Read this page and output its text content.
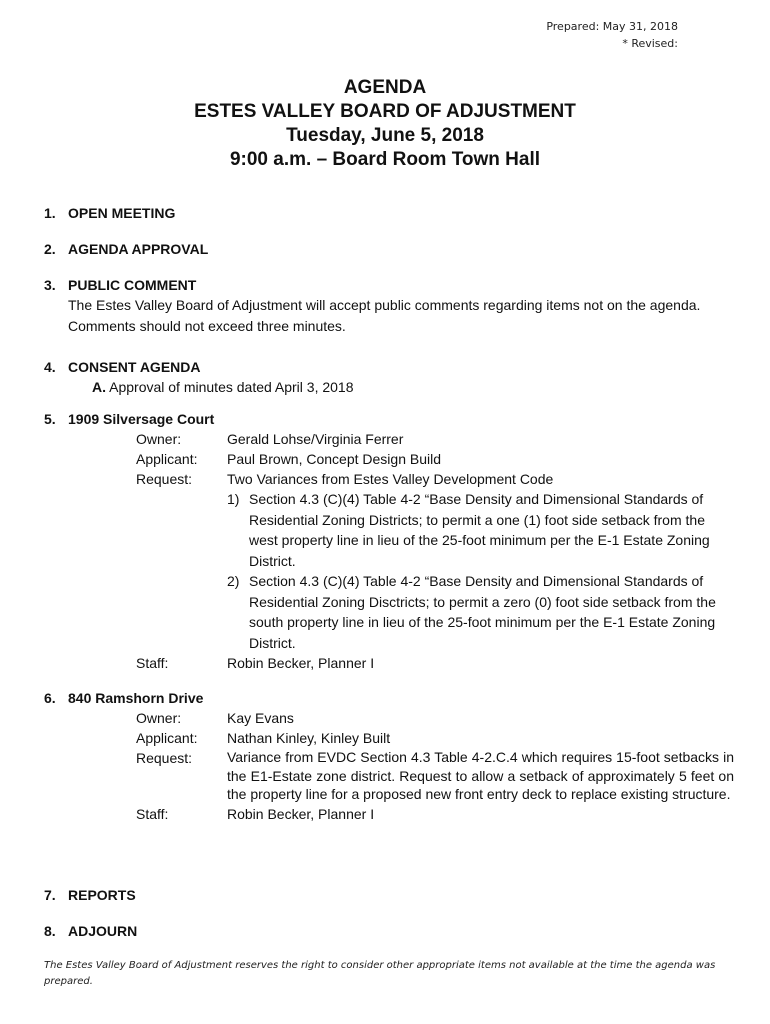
Prepared: May 31, 2018
* Revised:
AGENDA
ESTES VALLEY BOARD OF ADJUSTMENT
Tuesday, June 5, 2018
9:00 a.m. – Board Room Town Hall
1. OPEN MEETING
2. AGENDA APPROVAL
3. PUBLIC COMMENT
The Estes Valley Board of Adjustment will accept public comments regarding items not on the agenda. Comments should not exceed three minutes.
4. CONSENT AGENDA
A. Approval of minutes dated April 3, 2018
5. 1909 Silversage Court
Owner:	Gerald Lohse/Virginia Ferrer
Applicant:	Paul Brown, Concept Design Build
Request:	Two Variances from Estes Valley Development Code
1) Section 4.3 (C)(4) Table 4-2 “Base Density and Dimensional Standards of Residential Zoning Districts; to permit a one (1) foot side setback from the west property line in lieu of the 25-foot minimum per the E-1 Estate Zoning District.
2) Section 4.3 (C)(4) Table 4-2 “Base Density and Dimensional Standards of Residential Zoning Disctricts; to permit a zero (0) foot side setback from the south property line in lieu of the 25-foot minimum per the E-1 Estate Zoning District.
Staff:	Robin Becker, Planner I
6. 840 Ramshorn Drive
Owner:	Kay Evans
Applicant:	Nathan Kinley, Kinley Built
Request:	Variance from EVDC Section 4.3 Table 4-2.C.4 which requires 15-foot setbacks in the E1-Estate zone district. Request to allow a setback of approximately 5 feet on the property line for a proposed new front entry deck to replace existing structure.
Staff:	Robin Becker, Planner I
7. REPORTS
8. ADJOURN
The Estes Valley Board of Adjustment reserves the right to consider other appropriate items not available at the time the agenda was prepared.
